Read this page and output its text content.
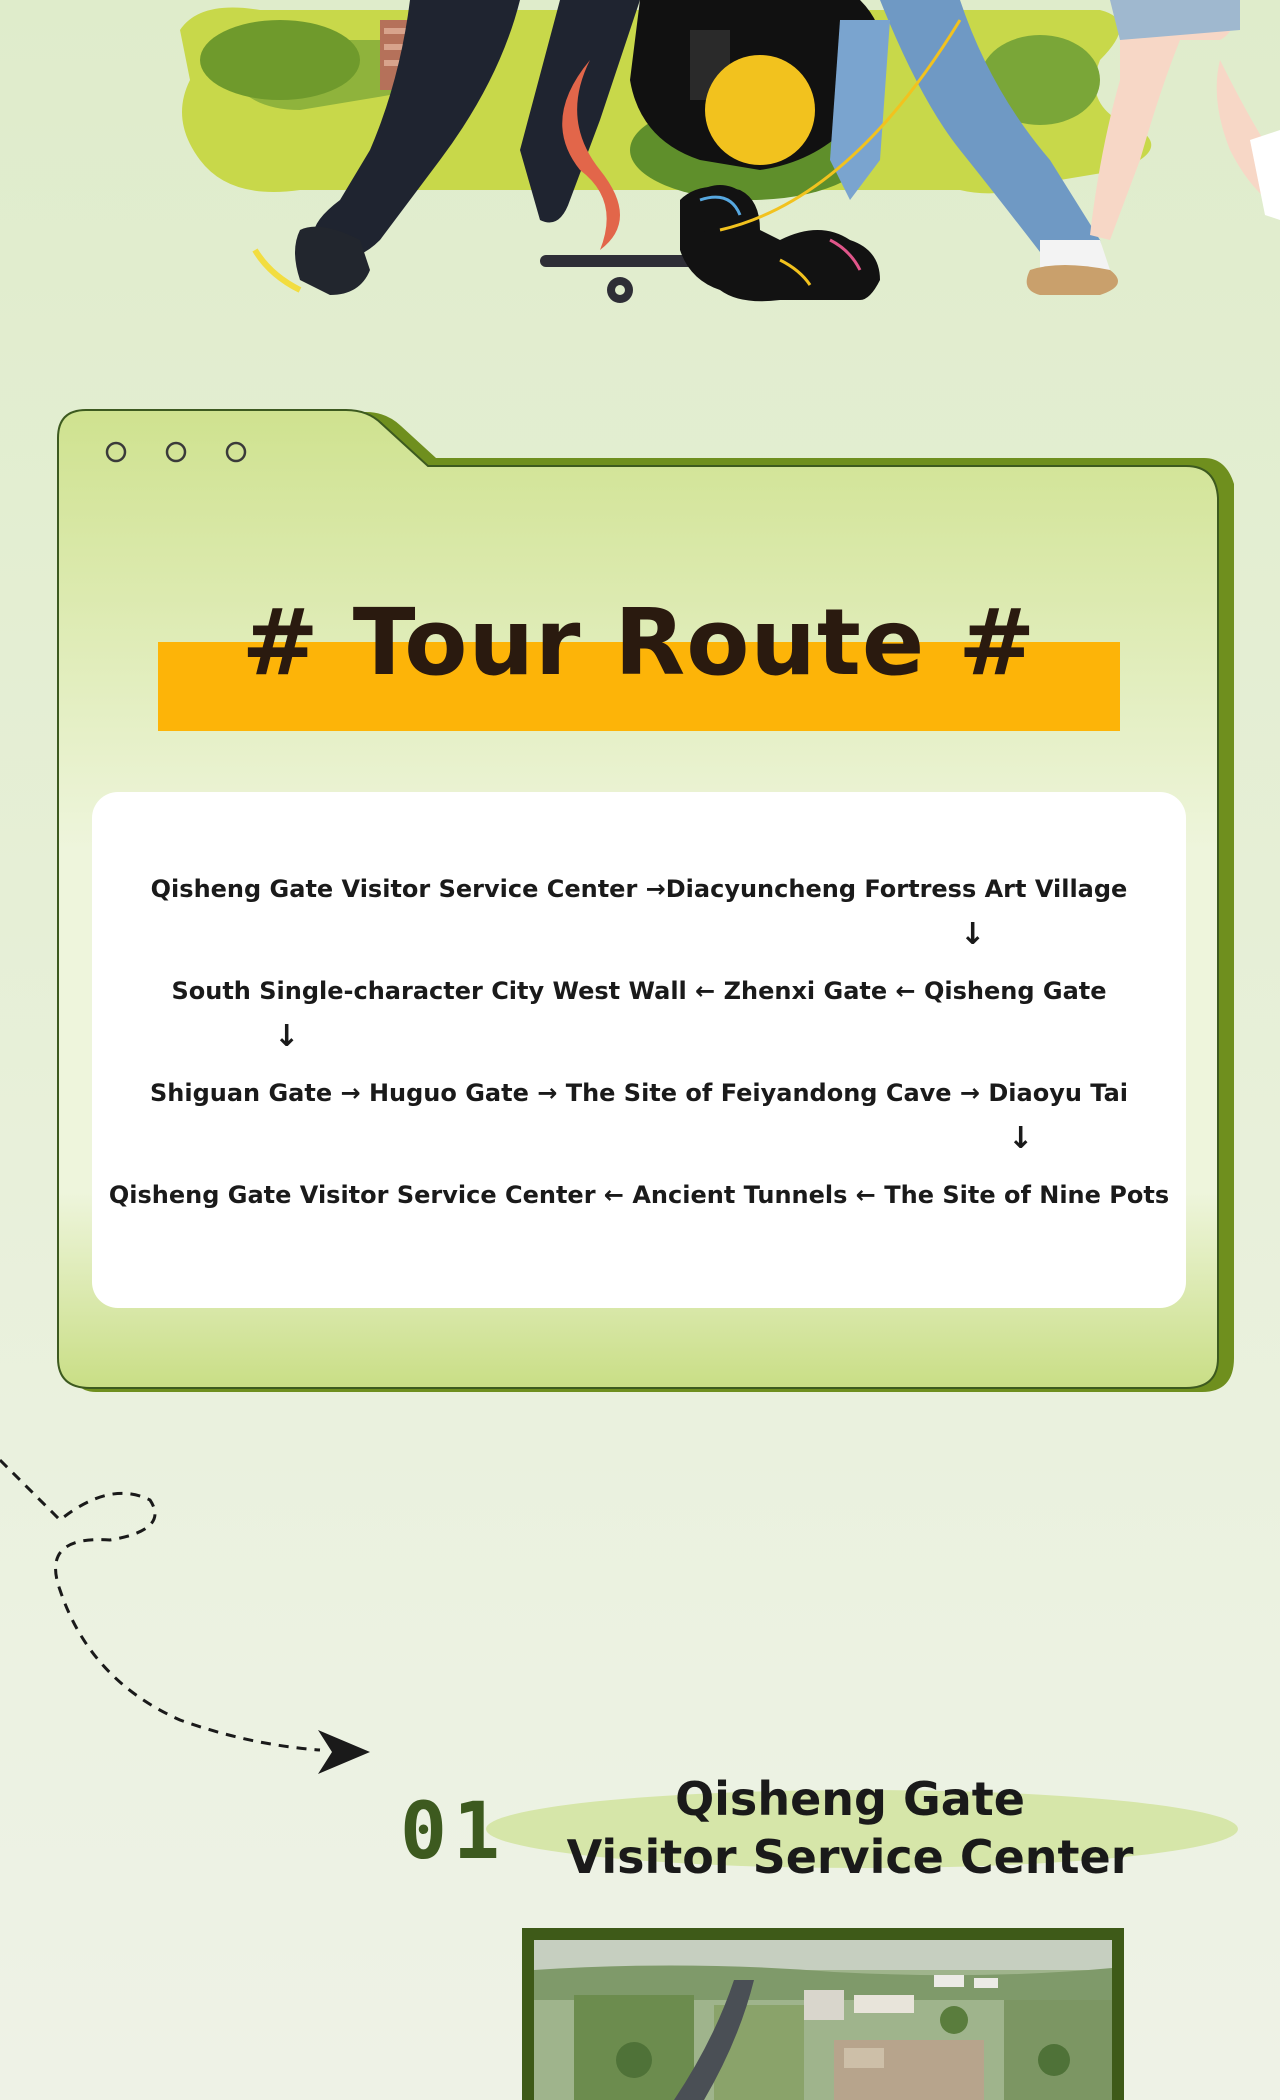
# Tour Route #
Qisheng Gate Visitor Service Center →Diacyuncheng Fortress Art Village
↓
South Single-character City West Wall ← Zhenxi Gate ← Qisheng Gate
↓
Shiguan Gate → Huguo Gate → The Site of Feiyandong Cave → Diaoyu Tai
↓
Qisheng Gate Visitor Service Center ← Ancient Tunnels ← The Site of Nine Pots
01	Qisheng Gate
Visitor Service Center
